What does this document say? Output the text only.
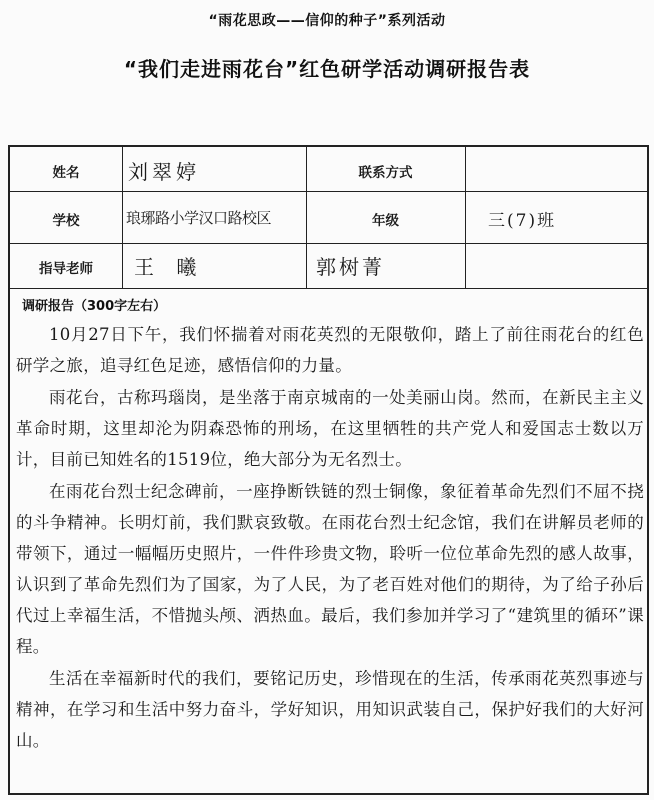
“雨花思政——信仰的种子”系列活动
“我们走进雨花台”红色研学活动调研报告表
姓名	刘翠婷	联系方式
学校	琅琊路小学汉口路校区	年级	三(7)班
指导老师	王 曦	郭树菁
调研报告（300字左右）

10月27日下午，我们怀揣着对雨花英烈的无限敬仰，踏上了前往雨花台的红色研学之旅，追寻红色足迹，感悟信仰的力量。

雨花台，古称玛瑙岗，是坐落于南京城南的一处美丽山岗。然而，在新民主主义革命时期，这里却沦为阴森恐怖的刑场，在这里牺牲的共产党人和爱国志士数以万计，目前已知姓名的1519位，绝大部分为无名烈士。

在雨花台烈士纪念碑前，一座挣断铁链的烈士铜像，象征着革命先烈们不屈不挠的斗争精神。长明灯前，我们默哀致敬。在雨花台烈士纪念馆，我们在讲解员老师的带领下，通过一幅幅历史照片，一件件珍贵文物，聆听一位位革命先烈的感人故事，认识到了革命先烈们为了国家，为了人民，为了老百姓对他们的期待，为了给子孙后代过上幸福生活，不惜抛头颅、洒热血。最后，我们参加并学习了“建筑里的循环”课程。

生活在幸福新时代的我们，要铭记历史，珍惜现在的生活，传承雨花英烈事迹与精神，在学习和生活中努力奋斗，学好知识，用知识武装自己，保护好我们的大好河山。
